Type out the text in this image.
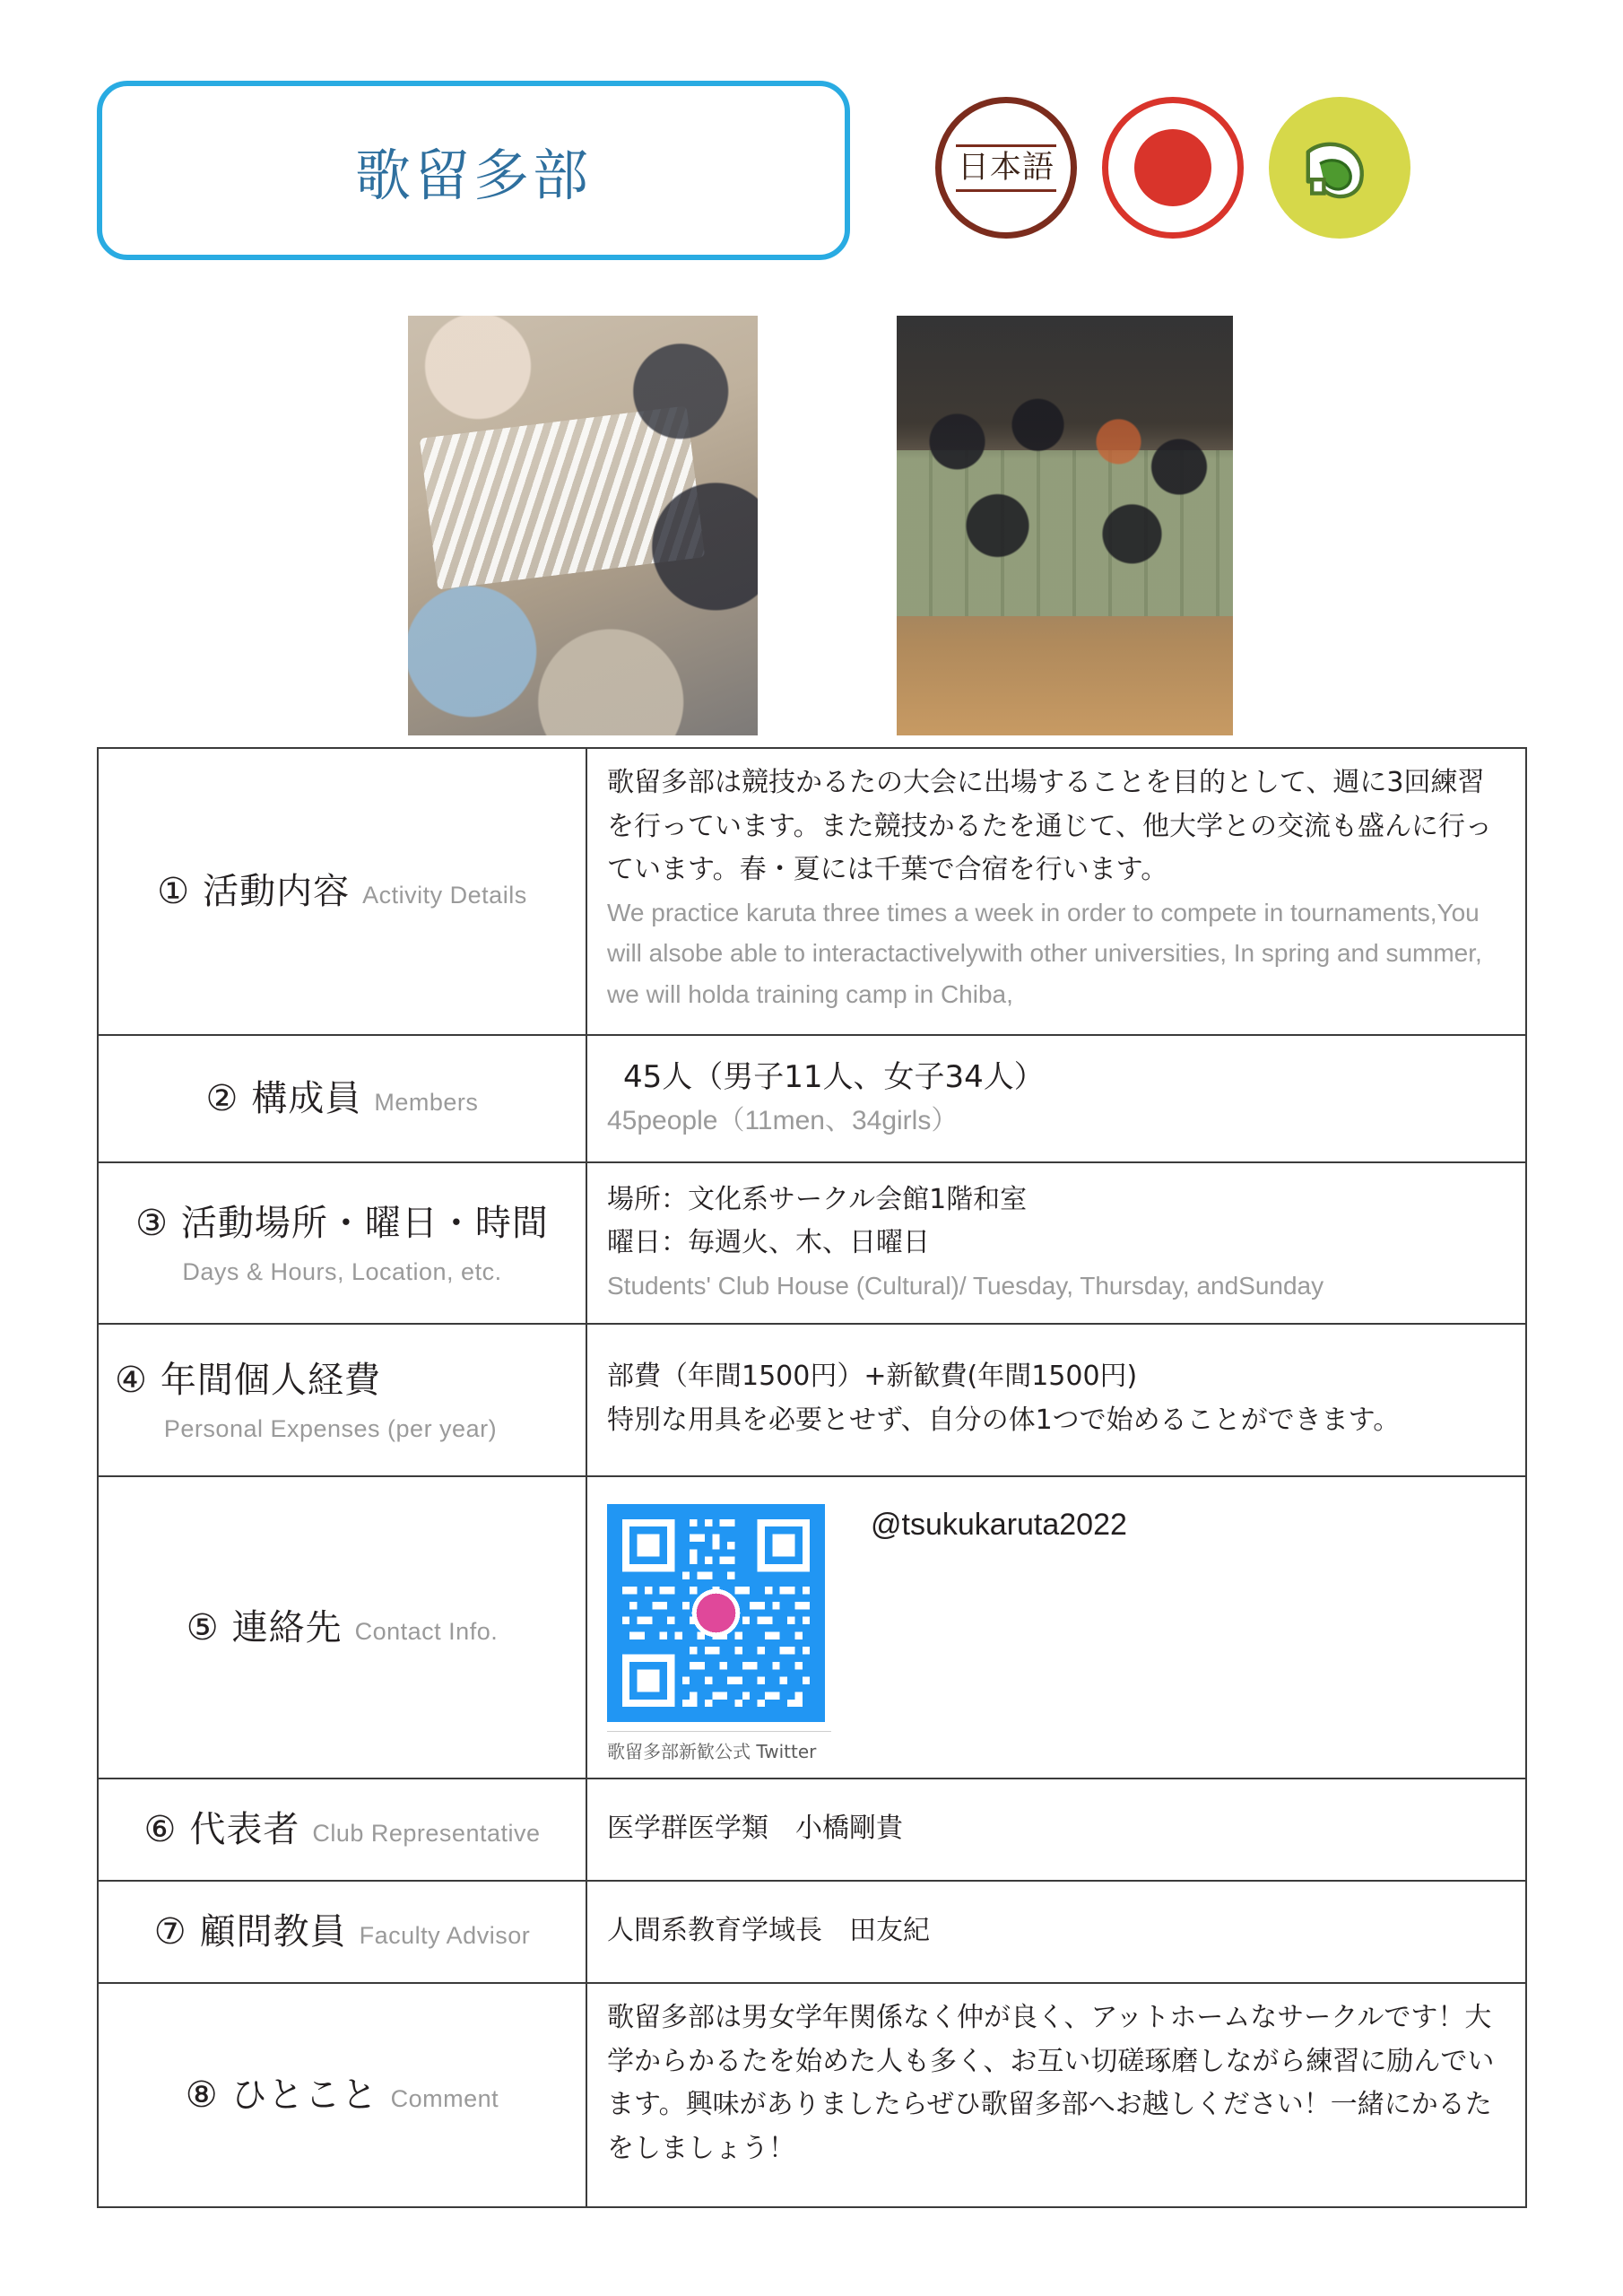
歌留多部	日本語
① 活動内容 Activity Details
歌留多部は競技かるたの大会に出場することを目的として、週に3回練習を行っています。また競技かるたを通じて、他大学との交流も盛んに行っています。春・夏には千葉で合宿を行います。
We practice karuta three times a week in order to compete in tournaments,You will alsobe able to interactactivelywith other universities, In spring and summer, we will holda training camp in Chiba,
② 構成員 Members
45人（男子11人、女子34人）
45people（11men、34girls）
③ 活動場所・曜日・時間
Days & Hours, Location, etc.
場所：文化系サークル会館1階和室
曜日：毎週火、木、日曜日
Students' Club House (Cultural)/ Tuesday, Thursday, andSunday
④ 年間個人経費
Personal Expenses (per year)
部費（年間1500円）+新歓費(年間1500円)
特別な用具を必要とせず、自分の体1つで始めることができます。
⑤ 連絡先 Contact Info.
歌留多部新歓公式 Twitter
@tsukukaruta2022
⑥ 代表者 Club Representative 医学群医学類　小橋剛貴
⑦ 顧問教員 Faculty Advisor	人間系教育学域長　田友紀
⑧ ひとこと Comment
歌留多部は男女学年関係なく仲が良く、アットホームなサークルです！大学からかるたを始めた人も多く、お互い切磋琢磨しながら練習に励んでいます。興味がありましたらぜひ歌留多部へお越しください！一緒にかるたをしましょう！
